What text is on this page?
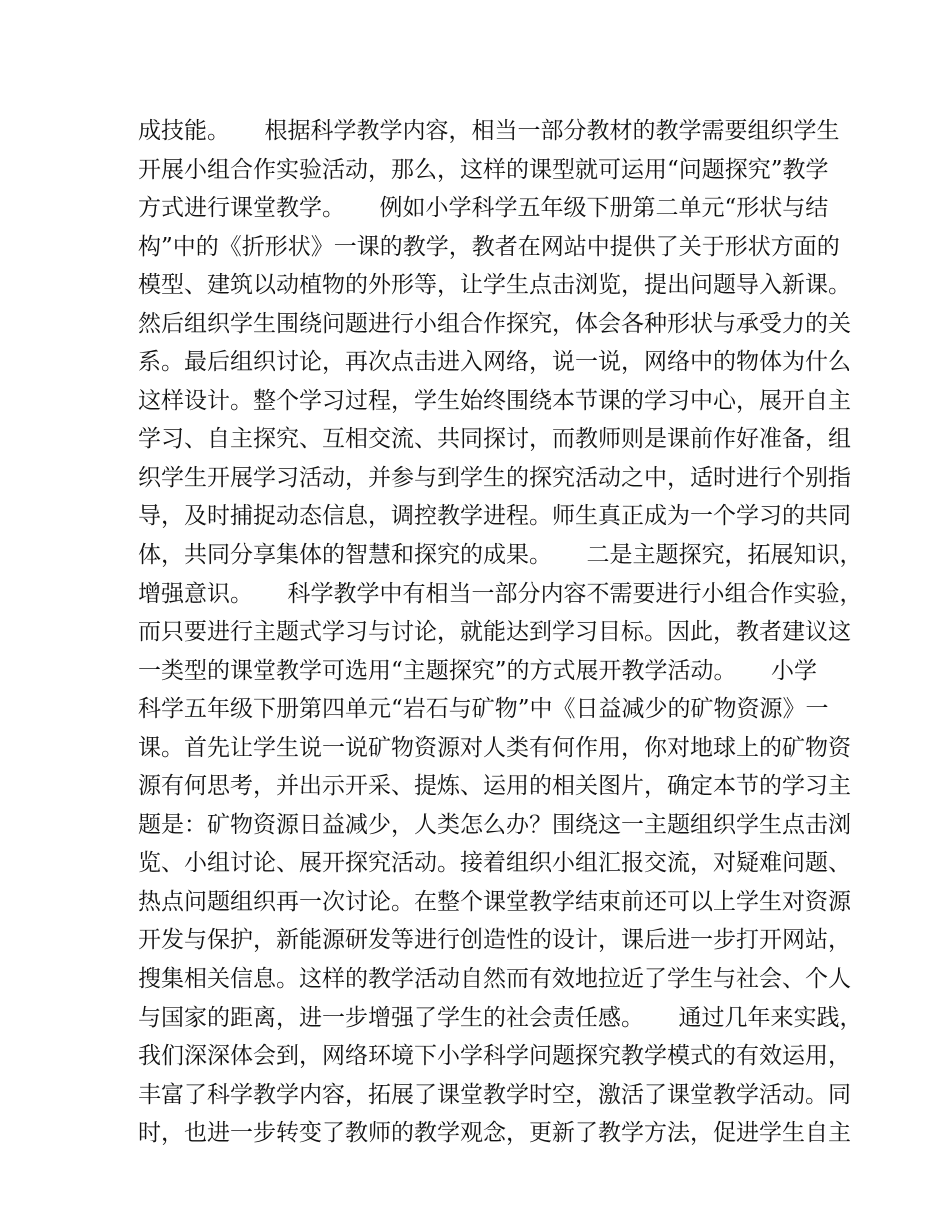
成技能。　　根据科学教学内容，相当一部分教材的教学需要组织学生
开展小组合作实验活动，那么，这样的课型就可运用“问题探究”教学
方式进行课堂教学。　　例如小学科学五年级下册第二单元“形状与结
构”中的《折形状》一课的教学，教者在网站中提供了关于形状方面的
模型、建筑以动植物的外形等，让学生点击浏览，提出问题导入新课。
然后组织学生围绕问题进行小组合作探究，体会各种形状与承受力的关
系。最后组织讨论，再次点击进入网络，说一说，网络中的物体为什么
这样设计。整个学习过程，学生始终围绕本节课的学习中心，展开自主
学习、自主探究、互相交流、共同探讨，而教师则是课前作好准备，组
织学生开展学习活动，并参与到学生的探究活动之中，适时进行个别指
导，及时捕捉动态信息，调控教学进程。师生真正成为一个学习的共同
体，共同分享集体的智慧和探究的成果。　　二是主题探究，拓展知识，
增强意识。　　科学教学中有相当一部分内容不需要进行小组合作实验，
而只要进行主题式学习与讨论，就能达到学习目标。因此，教者建议这
一类型的课堂教学可选用“主题探究”的方式展开教学活动。　　小学
科学五年级下册第四单元“岩石与矿物”中《日益减少的矿物资源》一
课。首先让学生说一说矿物资源对人类有何作用，你对地球上的矿物资
源有何思考，并出示开采、提炼、运用的相关图片，确定本节的学习主
题是：矿物资源日益减少，人类怎么办？围绕这一主题组织学生点击浏
览、小组讨论、展开探究活动。接着组织小组汇报交流，对疑难问题、
热点问题组织再一次讨论。在整个课堂教学结束前还可以上学生对资源
开发与保护，新能源研发等进行创造性的设计，课后进一步打开网站，
搜集相关信息。这样的教学活动自然而有效地拉近了学生与社会、个人
与国家的距离，进一步增强了学生的社会责任感。　　通过几年来实践，
我们深深体会到，网络环境下小学科学问题探究教学模式的有效运用，
丰富了科学教学内容，拓展了课堂教学时空，激活了课堂教学活动。同
时，也进一步转变了教师的教学观念，更新了教学方法，促进学生自主
